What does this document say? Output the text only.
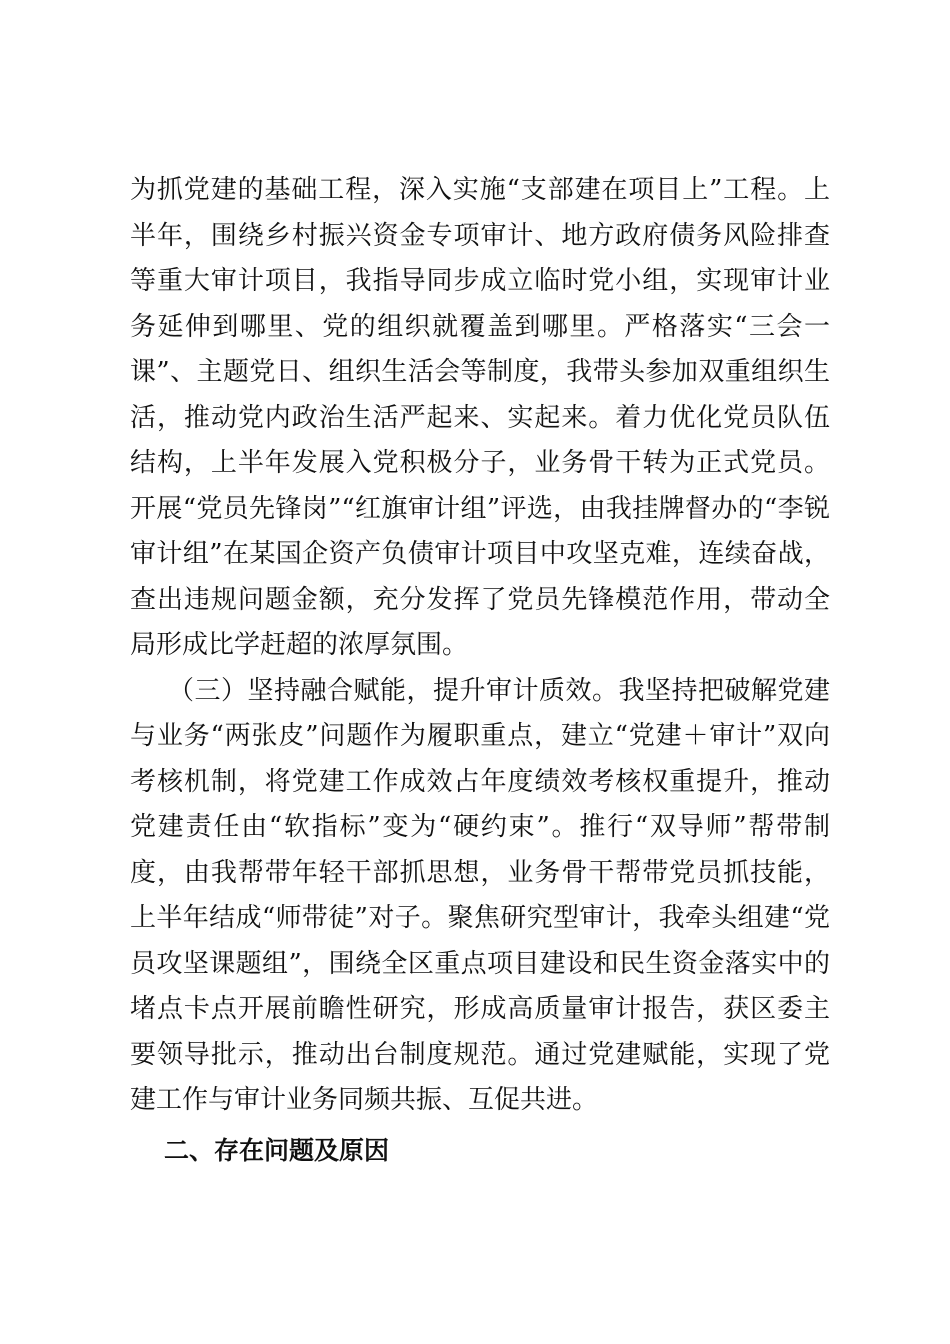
为抓党建的基础工程，深入实施“支部建在项目上”工程。上半年，围绕乡村振兴资金专项审计、地方政府债务风险排查等重大审计项目，我指导同步成立临时党小组，实现审计业务延伸到哪里、党的组织就覆盖到哪里。严格落实“三会一课”、主题党日、组织生活会等制度，我带头参加双重组织生活，推动党内政治生活严起来、实起来。着力优化党员队伍结构，上半年发展入党积极分子，业务骨干转为正式党员。开展“党员先锋岗”“红旗审计组”评选，由我挂牌督办的“李锐审计组”在某国企资产负债审计项目中攻坚克难，连续奋战，查出违规问题金额，充分发挥了党员先锋模范作用，带动全局形成比学赶超的浓厚氛围。

（三）坚持融合赋能，提升审计质效。我坚持把破解党建与业务“两张皮”问题作为履职重点，建立“党建＋审计”双向考核机制，将党建工作成效占年度绩效考核权重提升，推动党建责任由“软指标”变为“硬约束”。推行“双导师”帮带制度，由我帮带年轻干部抓思想，业务骨干帮带党员抓技能，上半年结成“师带徒”对子。聚焦研究型审计，我牵头组建“党员攻坚课题组”，围绕全区重点项目建设和民生资金落实中的堵点卡点开展前瞻性研究，形成高质量审计报告，获区委主要领导批示，推动出台制度规范。通过党建赋能，实现了党建工作与审计业务同频共振、互促共进。

二、存在问题及原因
